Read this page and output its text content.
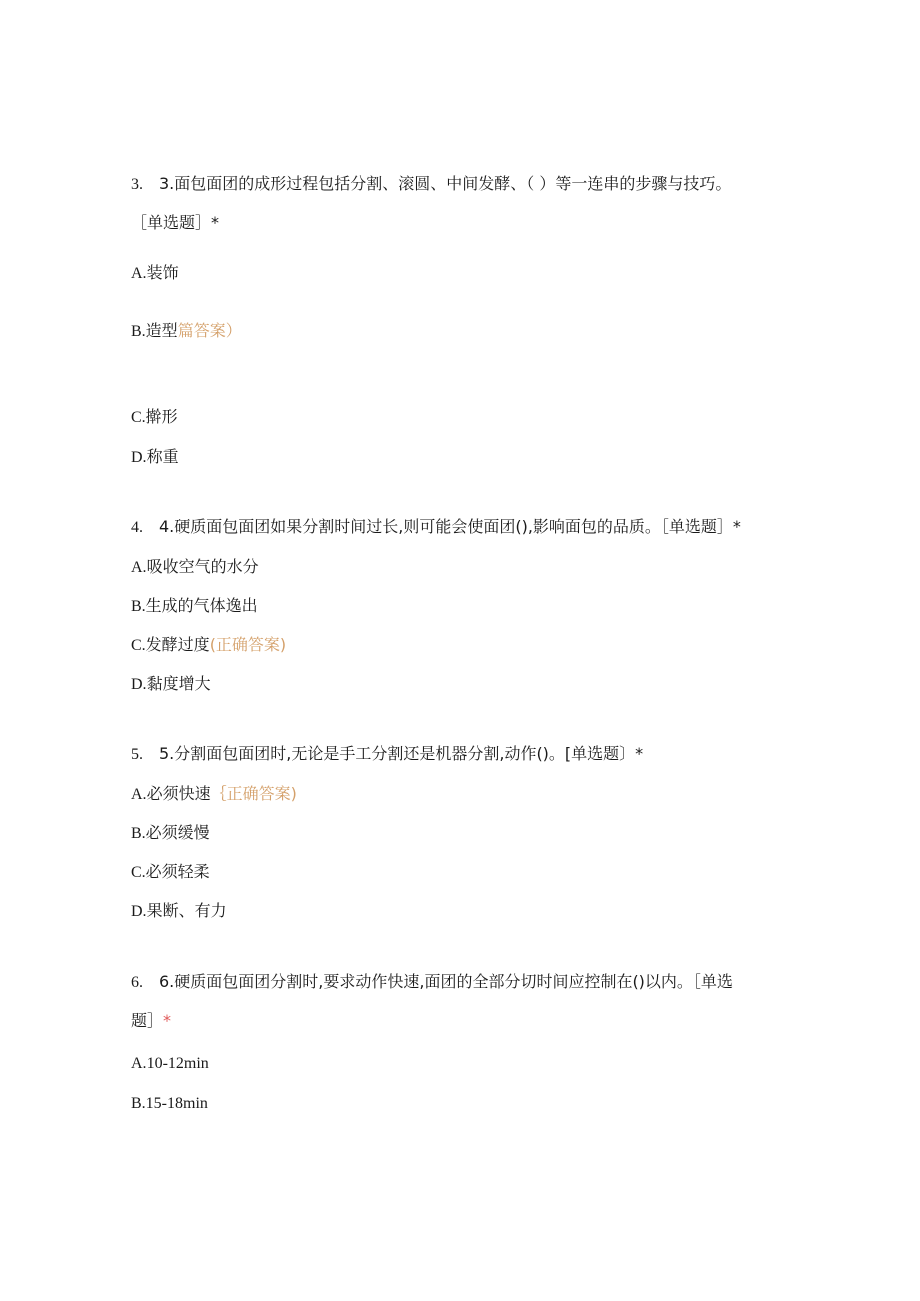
3. 3.面包面团的成形过程包括分割、滚圆、中间发酵、（ ）等一连串的步骤与技巧。
［单选题］*
A.装饰
B.造型篇答案）
C.擀形
D.称重
4. 4.硬质面包面团如果分割时间过长,则可能会使面团(),影响面包的品质。［单选题］*
A.吸收空气的水分
B.生成的气体逸出
C.发酵过度(正确答案)
D.黏度增大
5. 5.分割面包面团时,无论是手工分割还是机器分割,动作()。[单选题〕*
A.必须快速｛正确答案)
B.必须缓慢
C.必须轻柔
D.果断、有力
6. 6.硬质面包面团分割时,要求动作快速,面团的全部分切时间应控制在()以内。［单选
题］*
A.10-12min
B.15-18min
